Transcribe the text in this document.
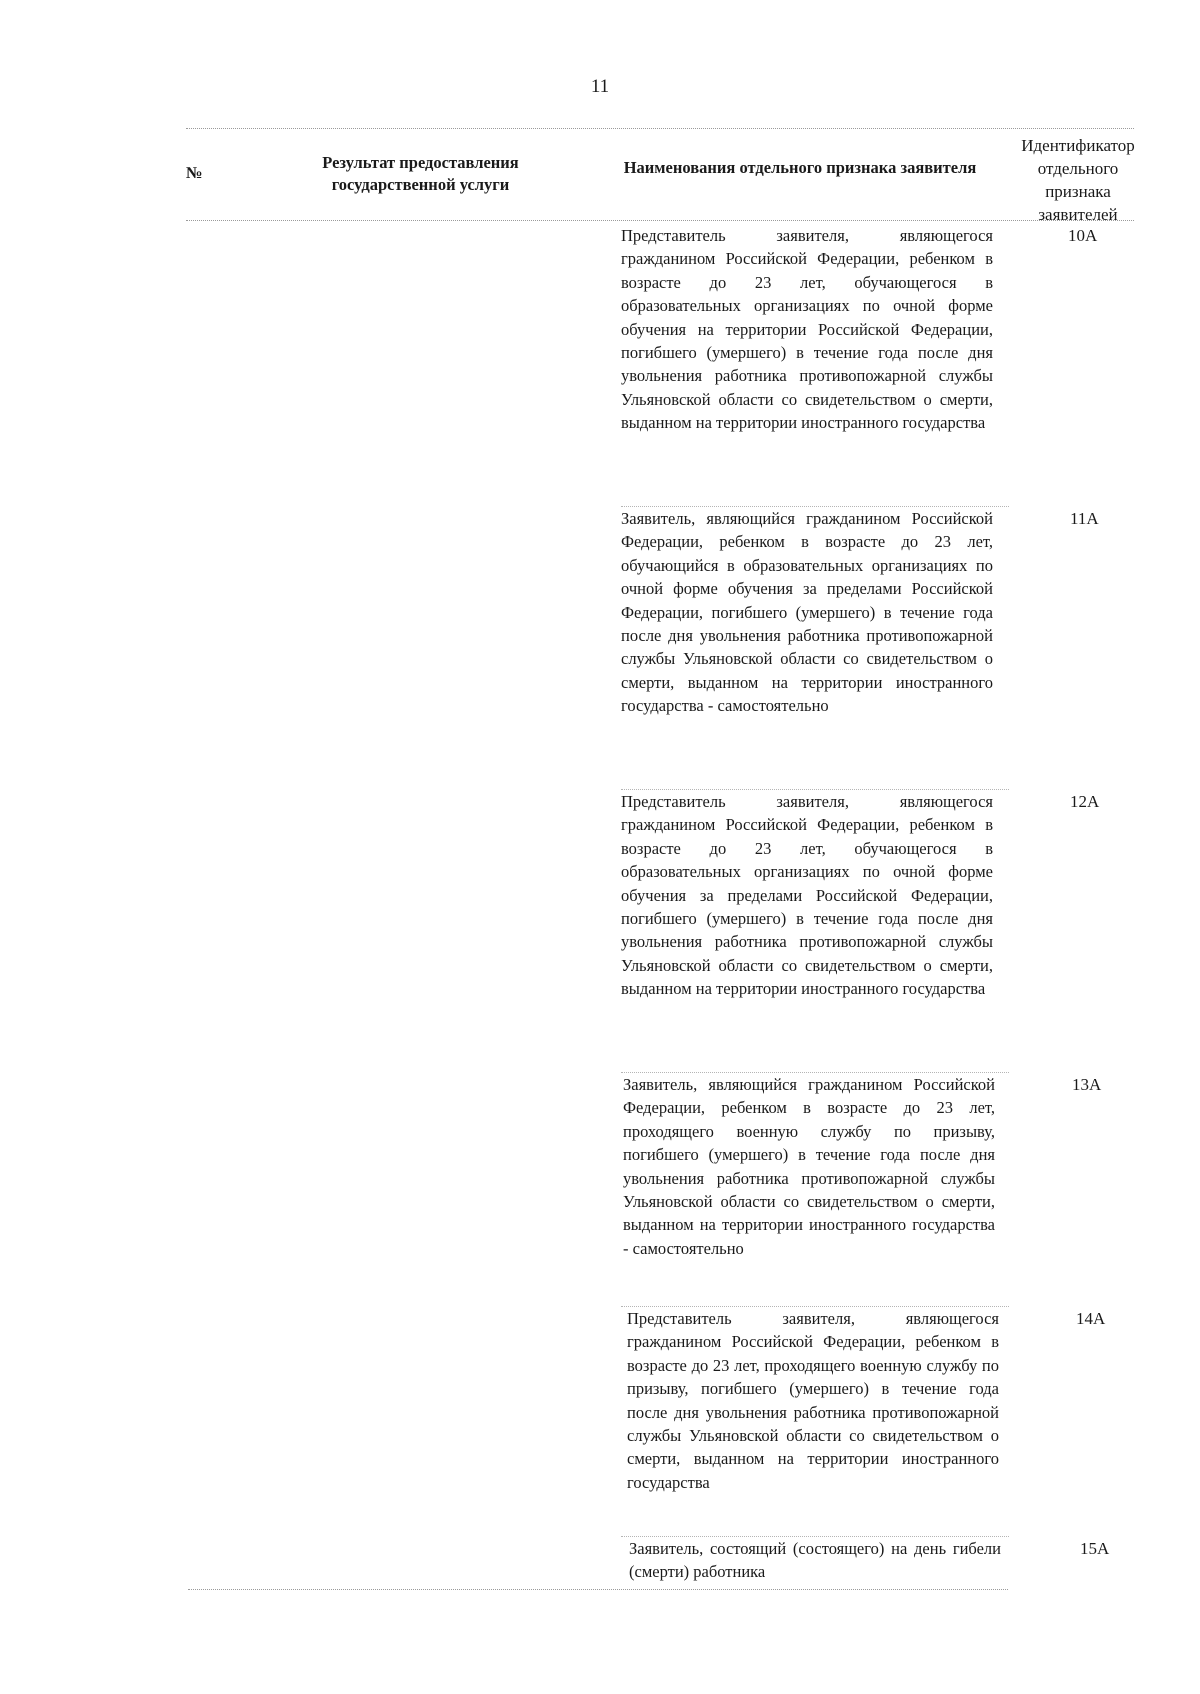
11
№
Результат предоставления государственной услуги
Наименования отдельного признака заявителя
Идентификатор отдельного признака заявителей
Представитель заявителя, являющегося гражданином Российской Федерации, ребенком в возрасте до 23 лет, обучающегося в образовательных организациях по очной форме обучения на территории Российской Федерации, погибшего (умершего) в течение года после дня увольнения работника противопожарной службы Ульяновской области со свидетельством о смерти, выданном на территории иностранного государства
10А
Заявитель, являющийся гражданином Российской Федерации, ребенком в возрасте до 23 лет, обучающийся в образовательных организациях по очной форме обучения за пределами Российской Федерации, погибшего (умершего) в течение года после дня увольнения работника противопожарной службы Ульяновской области со свидетельством о смерти, выданном на территории иностранного государства - самостоятельно
11А
Представитель заявителя, являющегося гражданином Российской Федерации, ребенком в возрасте до 23 лет, обучающегося в образовательных организациях по очной форме обучения за пределами Российской Федерации, погибшего (умершего) в течение года после дня увольнения работника противопожарной службы Ульяновской области со свидетельством о смерти, выданном на территории иностранного государства
12А
Заявитель, являющийся гражданином Российской Федерации, ребенком в возрасте до 23 лет, проходящего военную службу по призыву, погибшего (умершего) в течение года после дня увольнения работника противопожарной службы Ульяновской области со свидетельством о смерти, выданном на территории иностранного государства - самостоятельно
13А
Представитель заявителя, являющегося гражданином Российской Федерации, ребенком в возрасте до 23 лет, проходящего военную службу по призыву, погибшего (умершего) в течение года после дня увольнения работника противопожарной службы Ульяновской области со свидетельством о смерти, выданном на территории иностранного государства
14А
Заявитель, состоящий (состоящего) на день гибели (смерти) работника
15А
